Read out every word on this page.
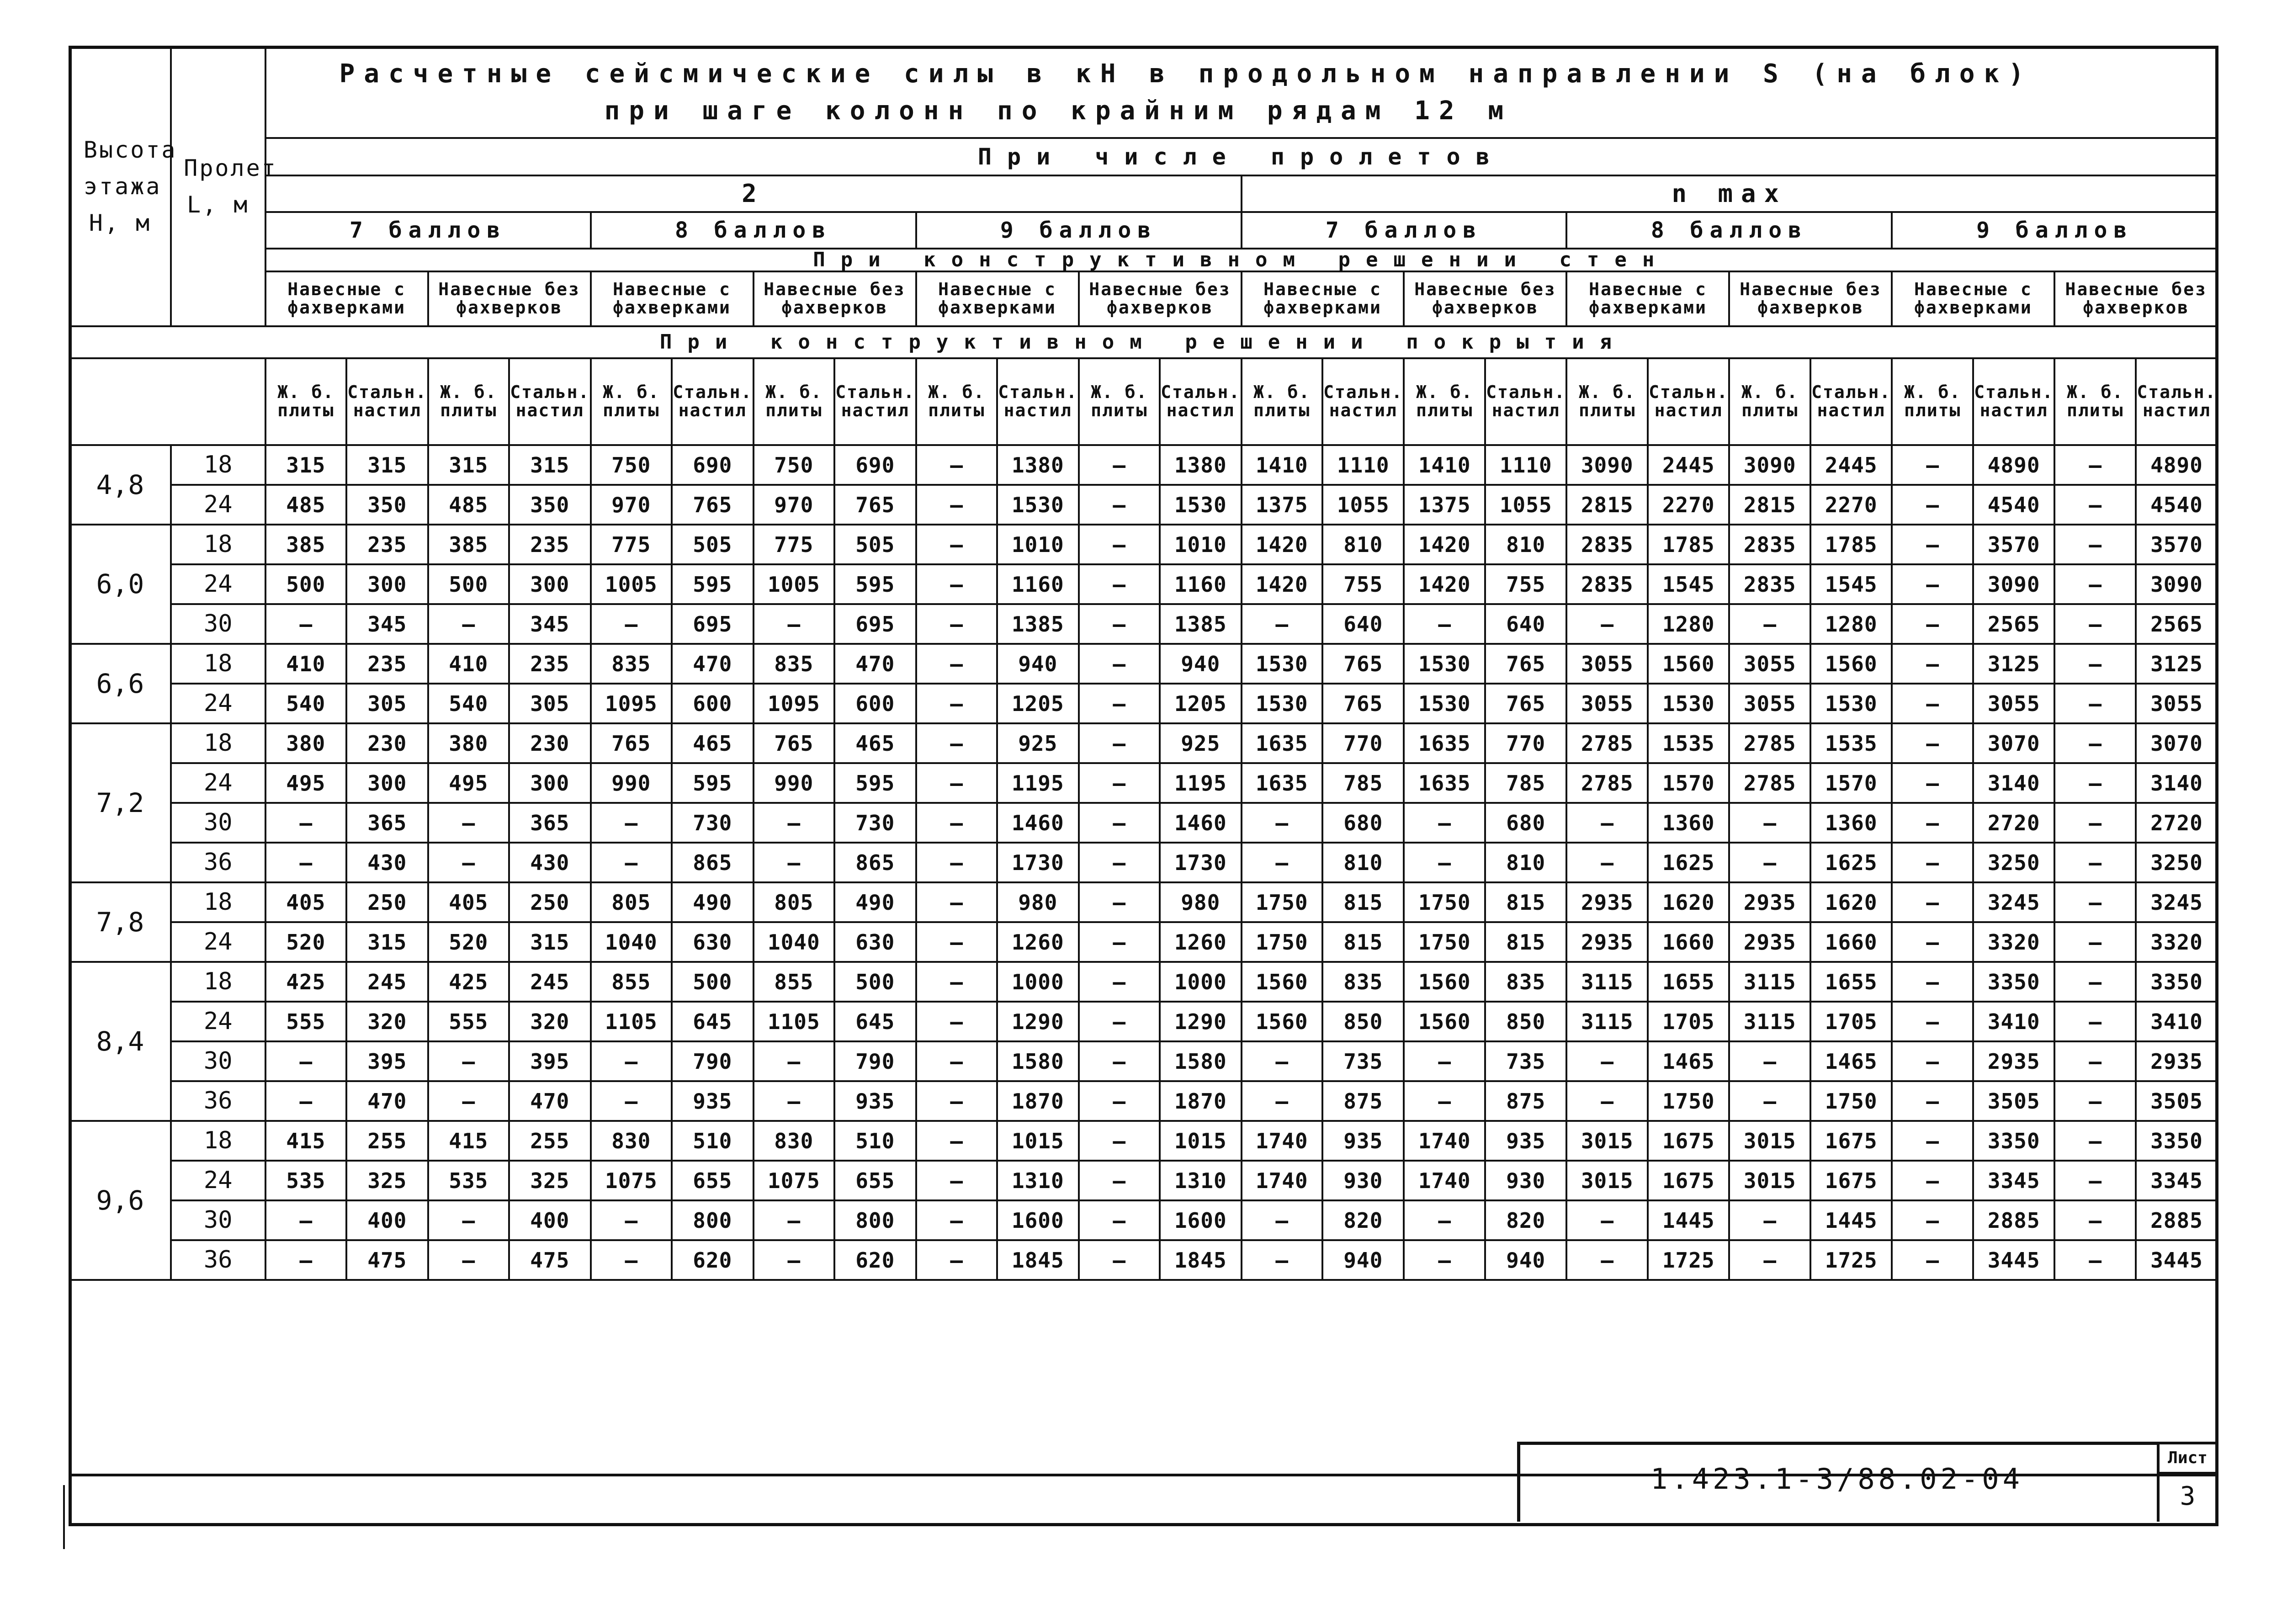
Высота этажа H, м	Пролет L, м	Расчетные сейсмические силы в кН в продольном направлении S (на блок)
при шаге колонн по крайним рядам 12 м																							

		При числе пролетов																							
		2												n max											
		7 баллов				8 баллов				9 баллов				7 баллов				8 баллов				9 баллов			
		При конструктивном решении стен																							
		Навесные с фахверками		Навесные без фахверков		Навесные с фахверками		Навесные без фахверков		Навесные с фахверками		Навесные без фахверков		Навесные с фахверками		Навесные без фахверков		Навесные с фахверками		Навесные без фахверков		Навесные с фахверками		Навесные без фахверков	
При конструктивном решении покрытия																									
		Ж. б. плиты	Стальн. настил	Ж. б. плиты	Стальн. настил	Ж. б. плиты	Стальн. настил	Ж. б. плиты	Стальн. настил	Ж. б. плиты	Стальн. настил	Ж. б. плиты	Стальн. настил	Ж. б. плиты	Стальн. настил	Ж. б. плиты	Стальн. настил	Ж. б. плиты	Стальн. настил	Ж. б. плиты	Стальн. настил	Ж. б. плиты	Стальн. настил	Ж. б. плиты	Стальн. настил
4,8	18	315	315	315	315	750	690	750	690	—	1380	—	1380	1410	1110	1410	1110	3090	2445	3090	2445	—	4890	—	4890
	24	485	350	485	350	970	765	970	765	—	1530	—	1530	1375	1055	1375	1055	2815	2270	2815	2270	—	4540	—	4540
6,0	18	385	235	385	235	775	505	775	505	—	1010	—	1010	1420	810	1420	810	2835	1785	2835	1785	—	3570	—	3570
	24	500	300	500	300	1005	595	1005	595	—	1160	—	1160	1420	755	1420	755	2835	1545	2835	1545	—	3090	—	3090
	30	—	345	—	345	—	695	—	695	—	1385	—	1385	—	640	—	640	—	1280	—	1280	—	2565	—	2565
6,6	18	410	235	410	235	835	470	835	470	—	940	—	940	1530	765	1530	765	3055	1560	3055	1560	—	3125	—	3125
	24	540	305	540	305	1095	600	1095	600	—	1205	—	1205	1530	765	1530	765	3055	1530	3055	1530	—	3055	—	3055
7,2	18	380	230	380	230	765	465	765	465	—	925	—	925	1635	770	1635	770	2785	1535	2785	1535	—	3070	—	3070
	24	495	300	495	300	990	595	990	595	—	1195	—	1195	1635	785	1635	785	2785	1570	2785	1570	—	3140	—	3140
	30	—	365	—	365	—	730	—	730	—	1460	—	1460	—	680	—	680	—	1360	—	1360	—	2720	—	2720
	36	—	430	—	430	—	865	—	865	—	1730	—	1730	—	810	—	810	—	1625	—	1625	—	3250	—	3250
7,8	18	405	250	405	250	805	490	805	490	—	980	—	980	1750	815	1750	815	2935	1620	2935	1620	—	3245	—	3245
	24	520	315	520	315	1040	630	1040	630	—	1260	—	1260	1750	815	1750	815	2935	1660	2935	1660	—	3320	—	3320
8,4	18	425	245	425	245	855	500	855	500	—	1000	—	1000	1560	835	1560	835	3115	1655	3115	1655	—	3350	—	3350
	24	555	320	555	320	1105	645	1105	645	—	1290	—	1290	1560	850	1560	850	3115	1705	3115	1705	—	3410	—	3410
	30	—	395	—	395	—	790	—	790	—	1580	—	1580	—	735	—	735	—	1465	—	1465	—	2935	—	2935
	36	—	470	—	470	—	935	—	935	—	1870	—	1870	—	875	—	875	—	1750	—	1750	—	3505	—	3505
9,6	18	415	255	415	255	830	510	830	510	—	1015	—	1015	1740	935	1740	935	3015	1675	3015	1675	—	3350	—	3350
	24	535	325	535	325	1075	655	1075	655	—	1310	—	1310	1740	930	1740	930	3015	1675	3015	1675	—	3345	—	3345
	30	—	400	—	400	—	800	—	800	—	1600	—	1600	—	820	—	820	—	1445	—	1445	—	2885	—	2885
	36	—	475	—	475	—	620	—	620	—	1845	—	1845	—	940	—	940	—	1725	—	1725	—	3445	—	3445
1.423.1-3/88.02-04
Лист
3
